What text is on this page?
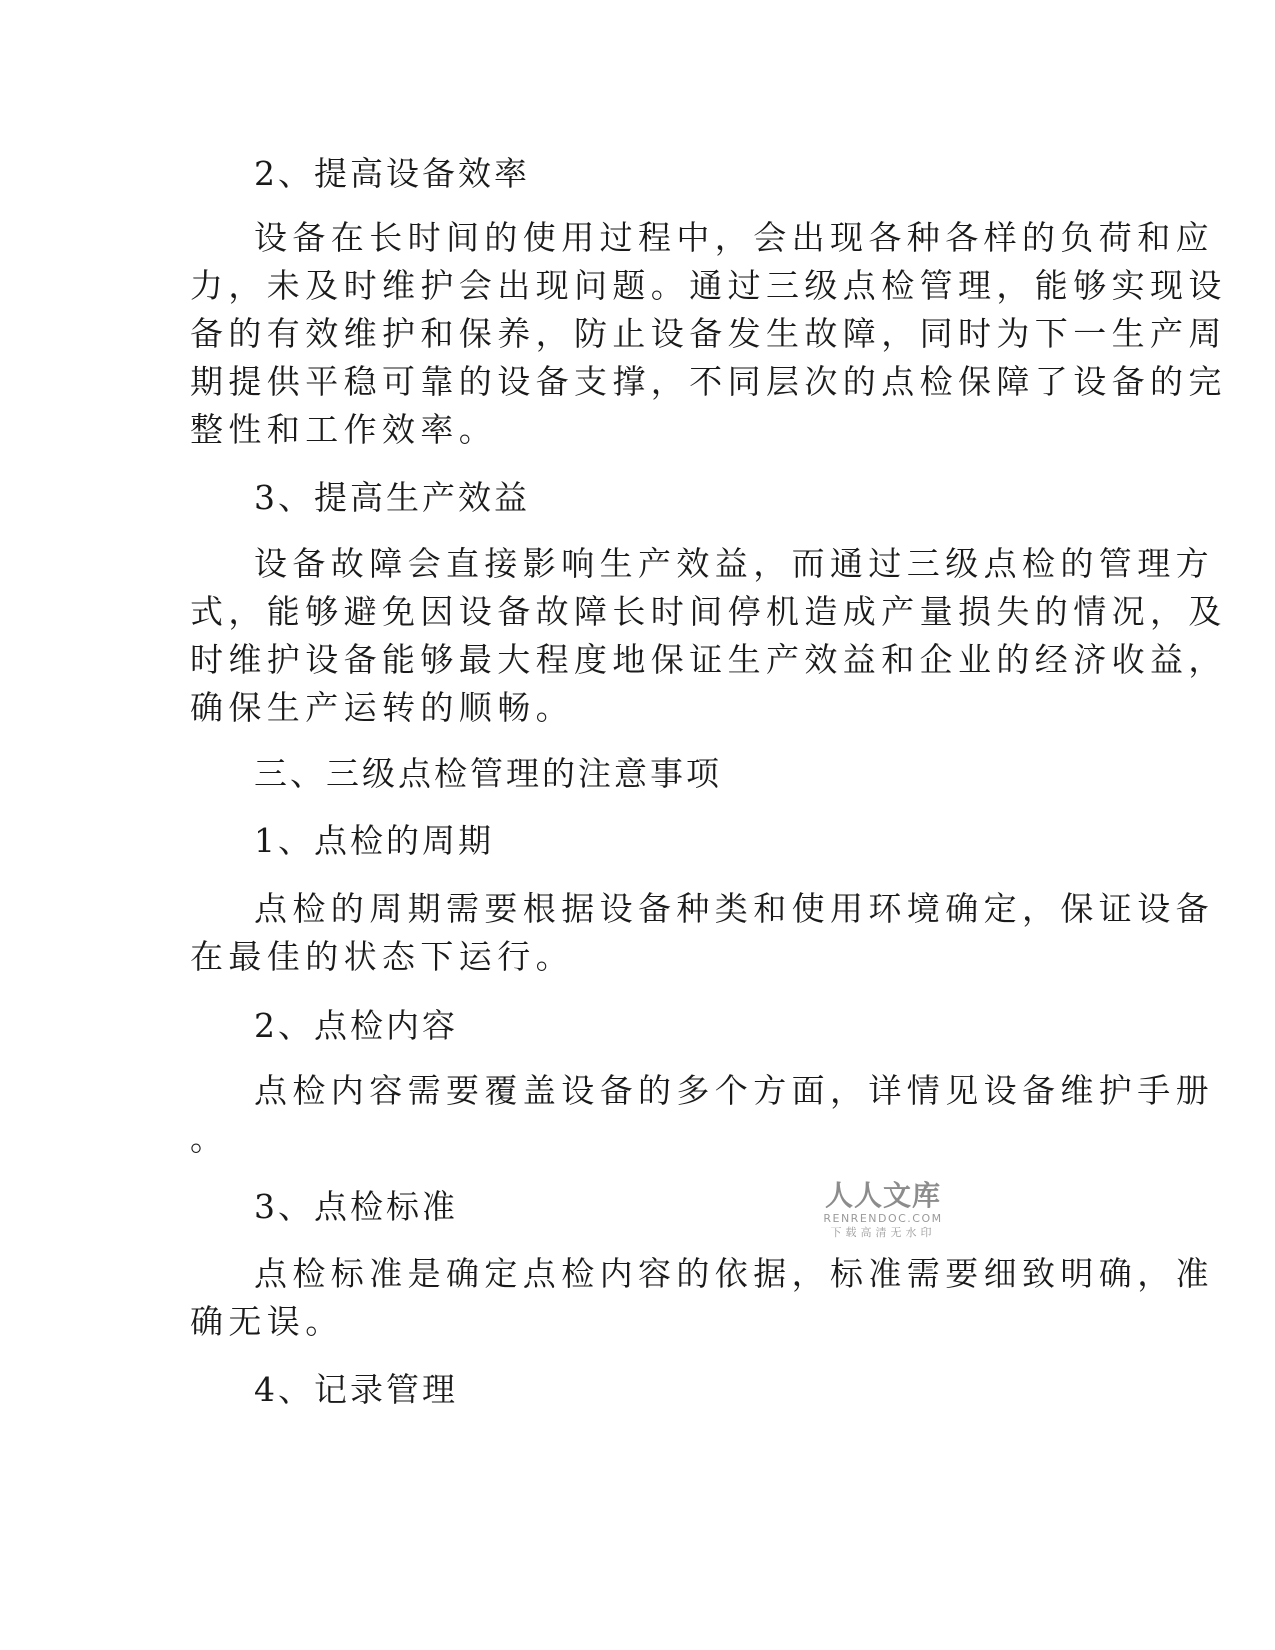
2、提高设备效率
设备在长时间的使用过程中，会出现各种各样的负荷和应
力，未及时维护会出现问题。通过三级点检管理，能够实现设
备的有效维护和保养，防止设备发生故障，同时为下一生产周
期提供平稳可靠的设备支撑，不同层次的点检保障了设备的完
整性和工作效率。
3、提高生产效益
设备故障会直接影响生产效益，而通过三级点检的管理方
式，能够避免因设备故障长时间停机造成产量损失的情况，及
时维护设备能够最大程度地保证生产效益和企业的经济收益，
确保生产运转的顺畅。
三、三级点检管理的注意事项
1、点检的周期
点检的周期需要根据设备种类和使用环境确定，保证设备
在最佳的状态下运行。
2、点检内容
点检内容需要覆盖设备的多个方面，详情见设备维护手册
。
3、点检标准
点检标准是确定点检内容的依据，标准需要细致明确，准
确无误。
4、记录管理
人人文库
RENRENDOC.COM
下载高清无水印
